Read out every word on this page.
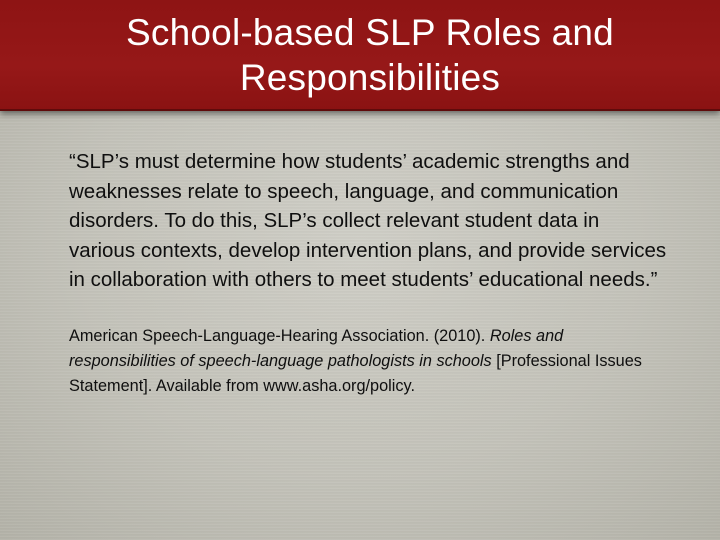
School-based SLP Roles and Responsibilities

“SLP’s must determine how students’ academic strengths and weaknesses relate to speech, language, and communication disorders. To do this, SLP’s collect relevant student data in various contexts, develop intervention plans, and provide services in collaboration with others to meet students’ educational needs.”

American Speech-Language-Hearing Association. (2010). Roles and responsibilities of speech-language pathologists in schools [Professional Issues Statement]. Available from www.asha.org/policy.
